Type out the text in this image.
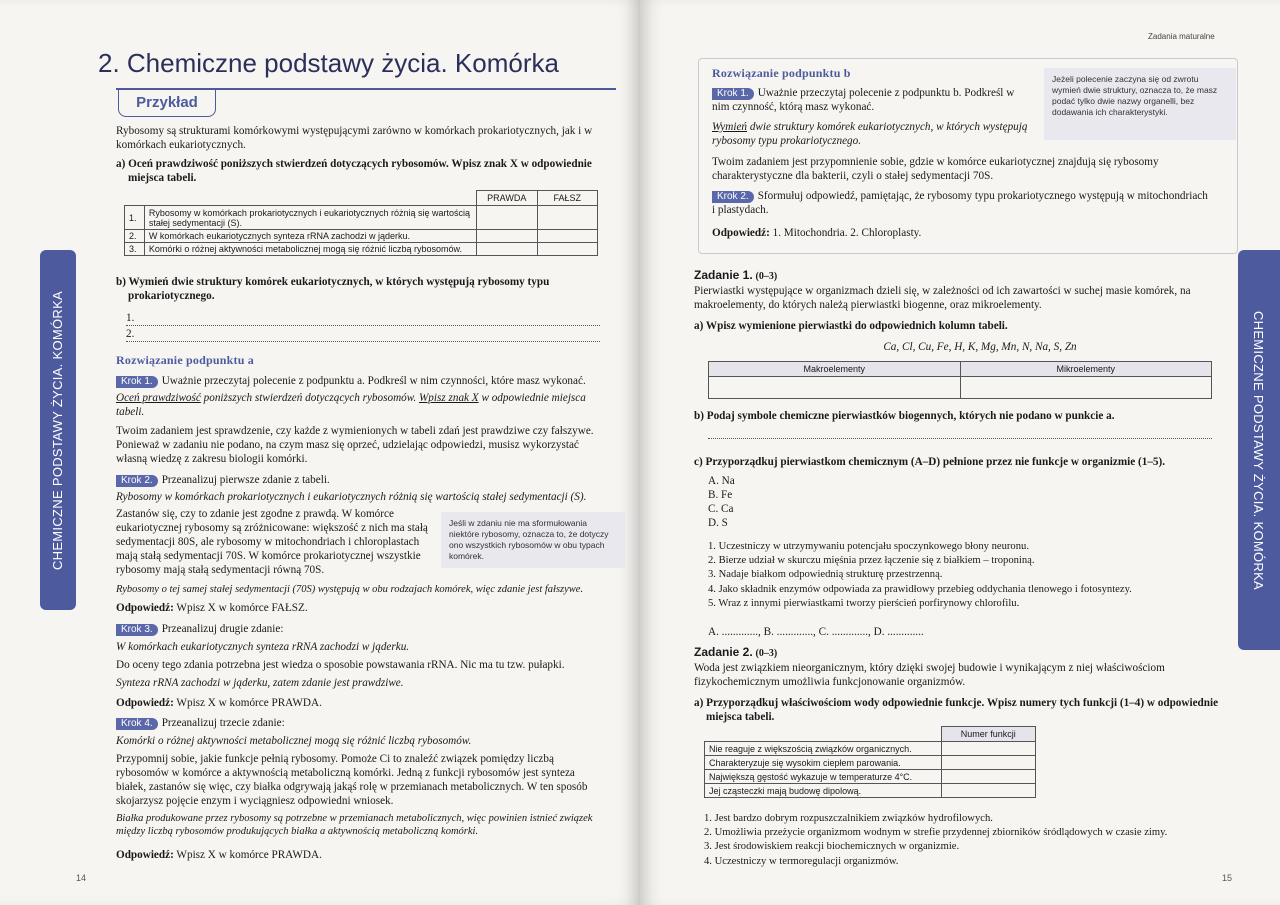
CHEMICZNE PODSTAWY ŻYCIA. KOMÓRKA
2. Chemiczne podstawy życia. Komórka
Przykład
Rybosomy są strukturami komórkowymi występującymi zarówno w komórkach prokariotycznych, jak i w komórkach eukariotycznych.
a) Oceń prawdziwość poniższych stwierdzeń dotyczących rybosomów. Wpisz znak X w odpowiednie miejsca tabeli.
		PRAWDA	FAŁSZ
1.	Rybosomy w komórkach prokariotycznych i eukariotycznych różnią się wartością stałej sedymentacji (S).		
2.	W komórkach eukariotycznych synteza rRNA zachodzi w jąderku.		
3.	Komórki o różnej aktywności metabolicznej mogą się różnić liczbą rybosomów.		
b) Wymień dwie struktury komórek eukariotycznych, w których występują rybosomy typu prokariotycznego.
1.
2.
Rozwiązanie podpunktu a
Krok 1. Uważnie przeczytaj polecenie z podpunktu a. Podkreśl w nim czynności, które masz wykonać.
Oceń prawdziwość poniższych stwierdzeń dotyczących rybosomów. Wpisz znak X w odpowiednie miejsca tabeli.
Twoim zadaniem jest sprawdzenie, czy każde z wymienionych w tabeli zdań jest prawdziwe czy fałszywe. Ponieważ w zadaniu nie podano, na czym masz się oprzeć, udzielając odpowiedzi, musisz wykorzystać własną wiedzę z zakresu biologii komórki.
Krok 2. Przeanalizuj pierwsze zdanie z tabeli.
Rybosomy w komórkach prokariotycznych i eukariotycznych różnią się wartością stałej sedymentacji (S).
Zastanów się, czy to zdanie jest zgodne z prawdą. W komórce eukariotycznej rybosomy są zróżnicowane: większość z nich ma stałą sedymentacji 80S, ale rybosomy w mitochondriach i chloroplastach mają stałą sedymentacji 70S. W komórce prokariotycznej wszystkie rybosomy mają stałą sedymentacji równą 70S.
Jeśli w zdaniu nie ma sformułowania niektóre rybosomy, oznacza to, że dotyczy ono wszystkich rybosomów w obu typach komórek.
Rybosomy o tej samej stałej sedymentacji (70S) występują w obu rodzajach komórek, więc zdanie jest fałszywe.
Odpowiedź: Wpisz X w komórce FAŁSZ.
Krok 3. Przeanalizuj drugie zdanie:
W komórkach eukariotycznych synteza rRNA zachodzi w jąderku.
Do oceny tego zdania potrzebna jest wiedza o sposobie powstawania rRNA. Nic ma tu tzw. pułapki.
Synteza rRNA zachodzi w jąderku, zatem zdanie jest prawdziwe.
Odpowiedź: Wpisz X w komórce PRAWDA.
Krok 4. Przeanalizuj trzecie zdanie:
Komórki o różnej aktywności metabolicznej mogą się różnić liczbą rybosomów.
Przypomnij sobie, jakie funkcje pełnią rybosomy. Pomoże Ci to znaleźć związek pomiędzy liczbą rybosomów w komórce a aktywnością metaboliczną komórki. Jedną z funkcji rybosomów jest synteza białek, zastanów się więc, czy białka odgrywają jakąś rolę w przemianach metabolicznych. W ten sposób skojarzysz pojęcie enzym i wyciągniesz odpowiedni wniosek.
Białka produkowane przez rybosomy są potrzebne w przemianach metabolicznych, więc powinien istnieć związek między liczbą rybosomów produkujących białka a aktywnością metaboliczną komórki.
Odpowiedź: Wpisz X w komórce PRAWDA.
14
Zadania maturalne
CHEMICZNE PODSTAWY ŻYCIA. KOMÓRKA
Rozwiązanie podpunktu b
Krok 1. Uważnie przeczytaj polecenie z podpunktu b. Podkreśl w nim czynność, którą masz wykonać.
Wymień dwie struktury komórek eukariotycznych, w których występują rybosomy typu prokariotycznego.
Jeżeli polecenie zaczyna się od zwrotu wymień dwie struktury, oznacza to, że masz podać tylko dwie nazwy organelli, bez dodawania ich charakterystyki.
Twoim zadaniem jest przypomnienie sobie, gdzie w komórce eukariotycznej znajdują się rybosomy charakterystyczne dla bakterii, czyli o stałej sedymentacji 70S.
Krok 2. Sformułuj odpowiedź, pamiętając, że rybosomy typu prokariotycznego występują w mitochondriach i plastydach.
Odpowiedź: 1. Mitochondria. 2. Chloroplasty.
Zadanie 1. (0–3)
Pierwiastki występujące w organizmach dzieli się, w zależności od ich zawartości w suchej masie komórek, na makroelementy, do których należą pierwiastki biogenne, oraz mikroelementy.
a) Wpisz wymienione pierwiastki do odpowiednich kolumn tabeli.
Ca, Cl, Cu, Fe, H, K, Mg, Mn, N, Na, S, Zn
Makroelementy	Mikroelementy

b) Podaj symbole chemiczne pierwiastków biogennych, których nie podano w punkcie a.
c) Przyporządkuj pierwiastkom chemicznym (A–D) pełnione przez nie funkcje w organizmie (1–5).
A. Na
B. Fe
C. Ca
D. S
1. Uczestniczy w utrzymywaniu potencjału spoczynkowego błony neuronu.
2. Bierze udział w skurczu mięśnia przez łączenie się z białkiem – troponiną.
3. Nadaje białkom odpowiednią strukturę przestrzenną.
4. Jako składnik enzymów odpowiada za prawidłowy przebieg oddychania tlenowego i fotosyntezy.
5. Wraz z innymi pierwiastkami tworzy pierścień porfirynowy chlorofilu.
A. ............., B. ............., C. ............., D. .............
Zadanie 2. (0–3)
Woda jest związkiem nieorganicznym, który dzięki swojej budowie i wynikającym z niej właściwościom fizykochemicznym umożliwia funkcjonowanie organizmów.
a) Przyporządkuj właściwościom wody odpowiednie funkcje. Wpisz numery tych funkcji (1–4) w odpowiednie miejsca tabeli.
	Numer funkcji
Nie reaguje z większością związków organicznych.	
Charakteryzuje się wysokim ciepłem parowania.	
Największą gęstość wykazuje w temperaturze 4°C.	
Jej cząsteczki mają budowę dipolową.	
1. Jest bardzo dobrym rozpuszczalnikiem związków hydrofilowych.
2. Umożliwia przeżycie organizmom wodnym w strefie przydennej zbiorników śródlądowych w czasie zimy.
3. Jest środowiskiem reakcji biochemicznych w organizmie.
4. Uczestniczy w termoregulacji organizmów.
15
